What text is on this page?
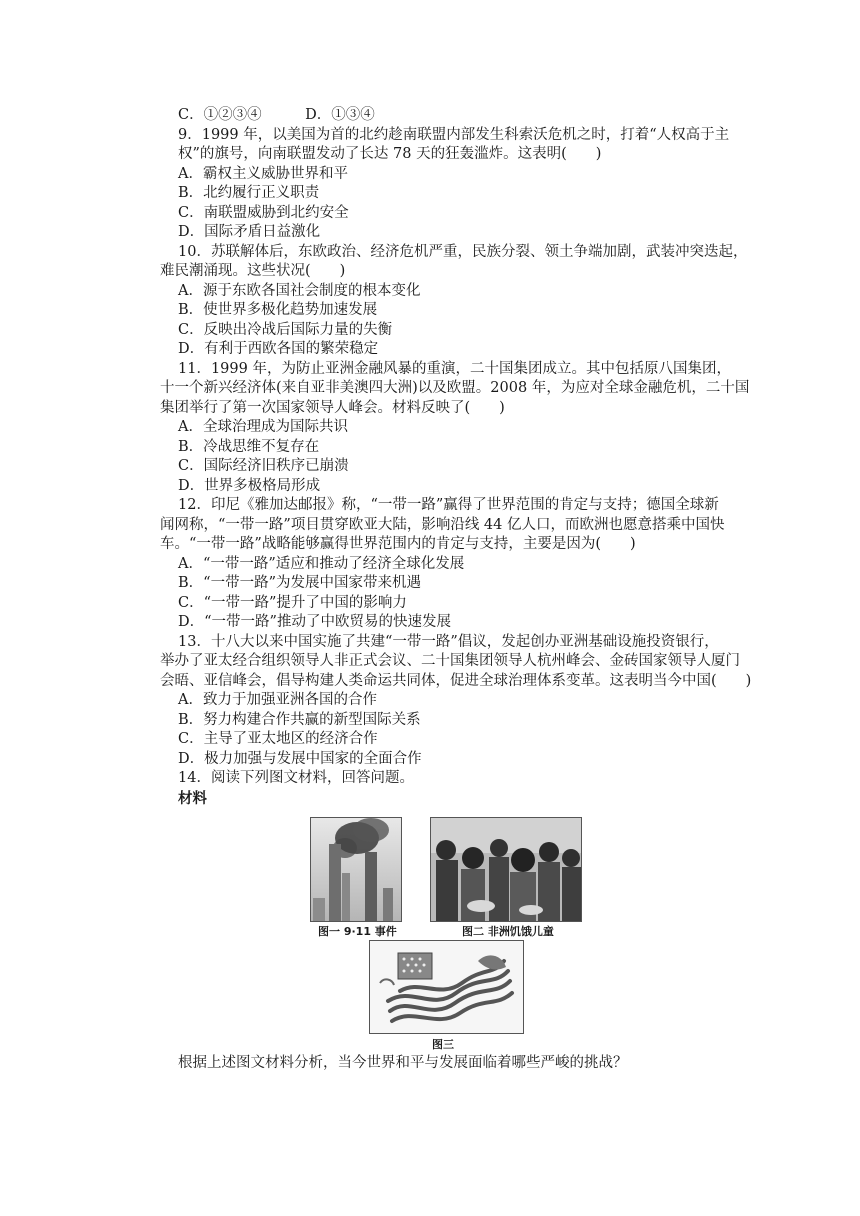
C．①②③④　　　D．①③④
9．1999 年，以美国为首的北约趁南联盟内部发生科索沃危机之时，打着“人权高于主
权”的旗号，向南联盟发动了长达 78 天的狂轰滥炸。这表明(　　)
A．霸权主义威胁世界和平
B．北约履行正义职责
C．南联盟威胁到北约安全
D．国际矛盾日益激化
10．苏联解体后，东欧政治、经济危机严重，民族分裂、领土争端加剧，武装冲突迭起，
难民潮涌现。这些状况(　　)
A．源于东欧各国社会制度的根本变化
B．使世界多极化趋势加速发展
C．反映出冷战后国际力量的失衡
D．有利于西欧各国的繁荣稳定
11．1999 年，为防止亚洲金融风暴的重演，二十国集团成立。其中包括原八国集团，
十一个新兴经济体(来自亚非美澳四大洲)以及欧盟。2008 年，为应对全球金融危机，二十国
集团举行了第一次国家领导人峰会。材料反映了(　　)
A．全球治理成为国际共识
B．冷战思维不复存在
C．国际经济旧秩序已崩溃
D．世界多极格局形成
12．印尼《雅加达邮报》称，“一带一路”赢得了世界范围的肯定与支持；德国全球新
闻网称，“一带一路”项目贯穿欧亚大陆，影响沿线 44 亿人口，而欧洲也愿意搭乘中国快
车。“一带一路”战略能够赢得世界范围内的肯定与支持，主要是因为(　　)
A．“一带一路”适应和推动了经济全球化发展
B．“一带一路”为发展中国家带来机遇
C．“一带一路”提升了中国的影响力
D．“一带一路”推动了中欧贸易的快速发展
13．十八大以来中国实施了共建“一带一路”倡议，发起创办亚洲基础设施投资银行，
举办了亚太经合组织领导人非正式会议、二十国集团领导人杭州峰会、金砖国家领导人厦门
会晤、亚信峰会，倡导构建人类命运共同体，促进全球治理体系变革。这表明当今中国(　　)
A．致力于加强亚洲各国的合作
B．努力构建合作共赢的新型国际关系
C．主导了亚太地区的经济合作
D．极力加强与发展中国家的全面合作
14．阅读下列图文材料，回答问题。
材料
图一 9·11 事件	图二 非洲饥饿儿童
图三
根据上述图文材料分析，当今世界和平与发展面临着哪些严峻的挑战？
